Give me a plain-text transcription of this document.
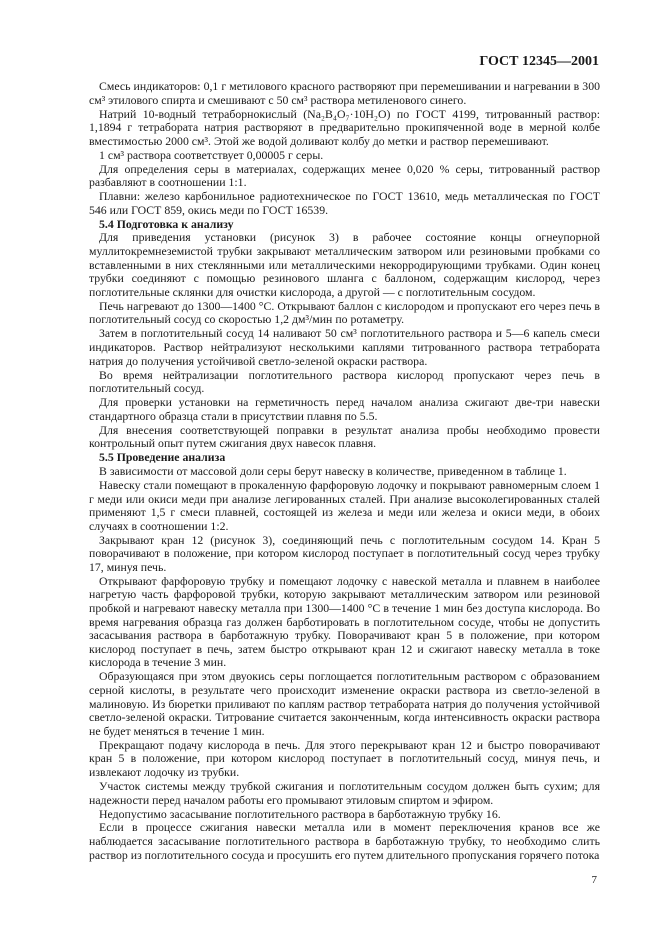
ГОСТ 12345—2001

Смесь индикаторов: 0,1 г метилового красного растворяют при перемешивании и нагревании в 300 см³ этилового спирта и смешивают с 50 см³ раствора метиленового синего.

Натрий 10-водный тетраборнокислый (Na₂B₄O₇·10H₂O) по ГОСТ 4199, титрованный раствор: 1,1894 г тетрабората натрия растворяют в предварительно прокипяченной воде в мерной колбе вместимостью 2000 см³. Этой же водой доливают колбу до метки и раствор перемешивают.

1 см³ раствора соответствует 0,00005 г серы.

Для определения серы в материалах, содержащих менее 0,020 % серы, титрованный раствор разбавляют в соотношении 1:1.

Плавни: железо карбонильное радиотехническое по ГОСТ 13610, медь металлическая по ГОСТ 546 или ГОСТ 859, окись меди по ГОСТ 16539.

5.4 Подготовка к анализу

Для приведения установки (рисунок 3) в рабочее состояние концы огнеупорной муллитокремнеземистой трубки закрывают металлическим затвором или резиновыми пробками со вставленными в них стеклянными или металлическими некорродирующими трубками. Один конец трубки соединяют с помощью резинового шланга с баллоном, содержащим кислород, через поглотительные склянки для очистки кислорода, а другой — с поглотительным сосудом.

Печь нагревают до 1300—1400 °С. Открывают баллон с кислородом и пропускают его через печь в поглотительный сосуд со скоростью 1,2 дм³/мин по ротаметру.

Затем в поглотительный сосуд 14 наливают 50 см³ поглотительного раствора и 5—6 капель смеси индикаторов. Раствор нейтрализуют несколькими каплями титрованного раствора тетрабората натрия до получения устойчивой светло-зеленой окраски раствора.

Во время нейтрализации поглотительного раствора кислород пропускают через печь в поглотительный сосуд.

Для проверки установки на герметичность перед началом анализа сжигают две-три навески стандартного образца стали в присутствии плавня по 5.5.

Для внесения соответствующей поправки в результат анализа пробы необходимо провести контрольный опыт путем сжигания двух навесок плавня.

5.5 Проведение анализа

В зависимости от массовой доли серы берут навеску в количестве, приведенном в таблице 1.

Навеску стали помещают в прокаленную фарфоровую лодочку и покрывают равномерным слоем 1 г меди или окиси меди при анализе легированных сталей. При анализе высоколегированных сталей применяют 1,5 г смеси плавней, состоящей из железа и меди или железа и окиси меди, в обоих случаях в соотношении 1:2.

Закрывают кран 12 (рисунок 3), соединяющий печь с поглотительным сосудом 14. Кран 5 поворачивают в положение, при котором кислород поступает в поглотительный сосуд через трубку 17, минуя печь.

Открывают фарфоровую трубку и помещают лодочку с навеской металла и плавнем в наиболее нагретую часть фарфоровой трубки, которую закрывают металлическим затвором или резиновой пробкой и нагревают навеску металла при 1300—1400 °С в течение 1 мин без доступа кислорода. Во время нагревания образца газ должен барботировать в поглотительном сосуде, чтобы не допустить засасывания раствора в барботажную трубку. Поворачивают кран 5 в положение, при котором кислород поступает в печь, затем быстро открывают кран 12 и сжигают навеску металла в токе кислорода в течение 3 мин.

Образующаяся при этом двуокись серы поглощается поглотительным раствором с образованием серной кислоты, в результате чего происходит изменение окраски раствора из светло-зеленой в малиновую. Из бюретки приливают по каплям раствор тетрабората натрия до получения устойчивой светло-зеленой окраски. Титрование считается законченным, когда интенсивность окраски раствора не будет меняться в течение 1 мин.

Прекращают подачу кислорода в печь. Для этого перекрывают кран 12 и быстро поворачивают кран 5 в положение, при котором кислород поступает в поглотительный сосуд, минуя печь, и извлекают лодочку из трубки.

Участок системы между трубкой сжигания и поглотительным сосудом должен быть сухим; для надежности перед началом работы его промывают этиловым спиртом и эфиром.

Недопустимо засасывание поглотительного раствора в барботажную трубку 16.

Если в процессе сжигания навески металла или в момент переключения кранов все же наблюдается засасывание поглотительного раствора в барботажную трубку, то необходимо слить раствор из поглотительного сосуда и просушить его путем длительного пропускания горячего потока

7
